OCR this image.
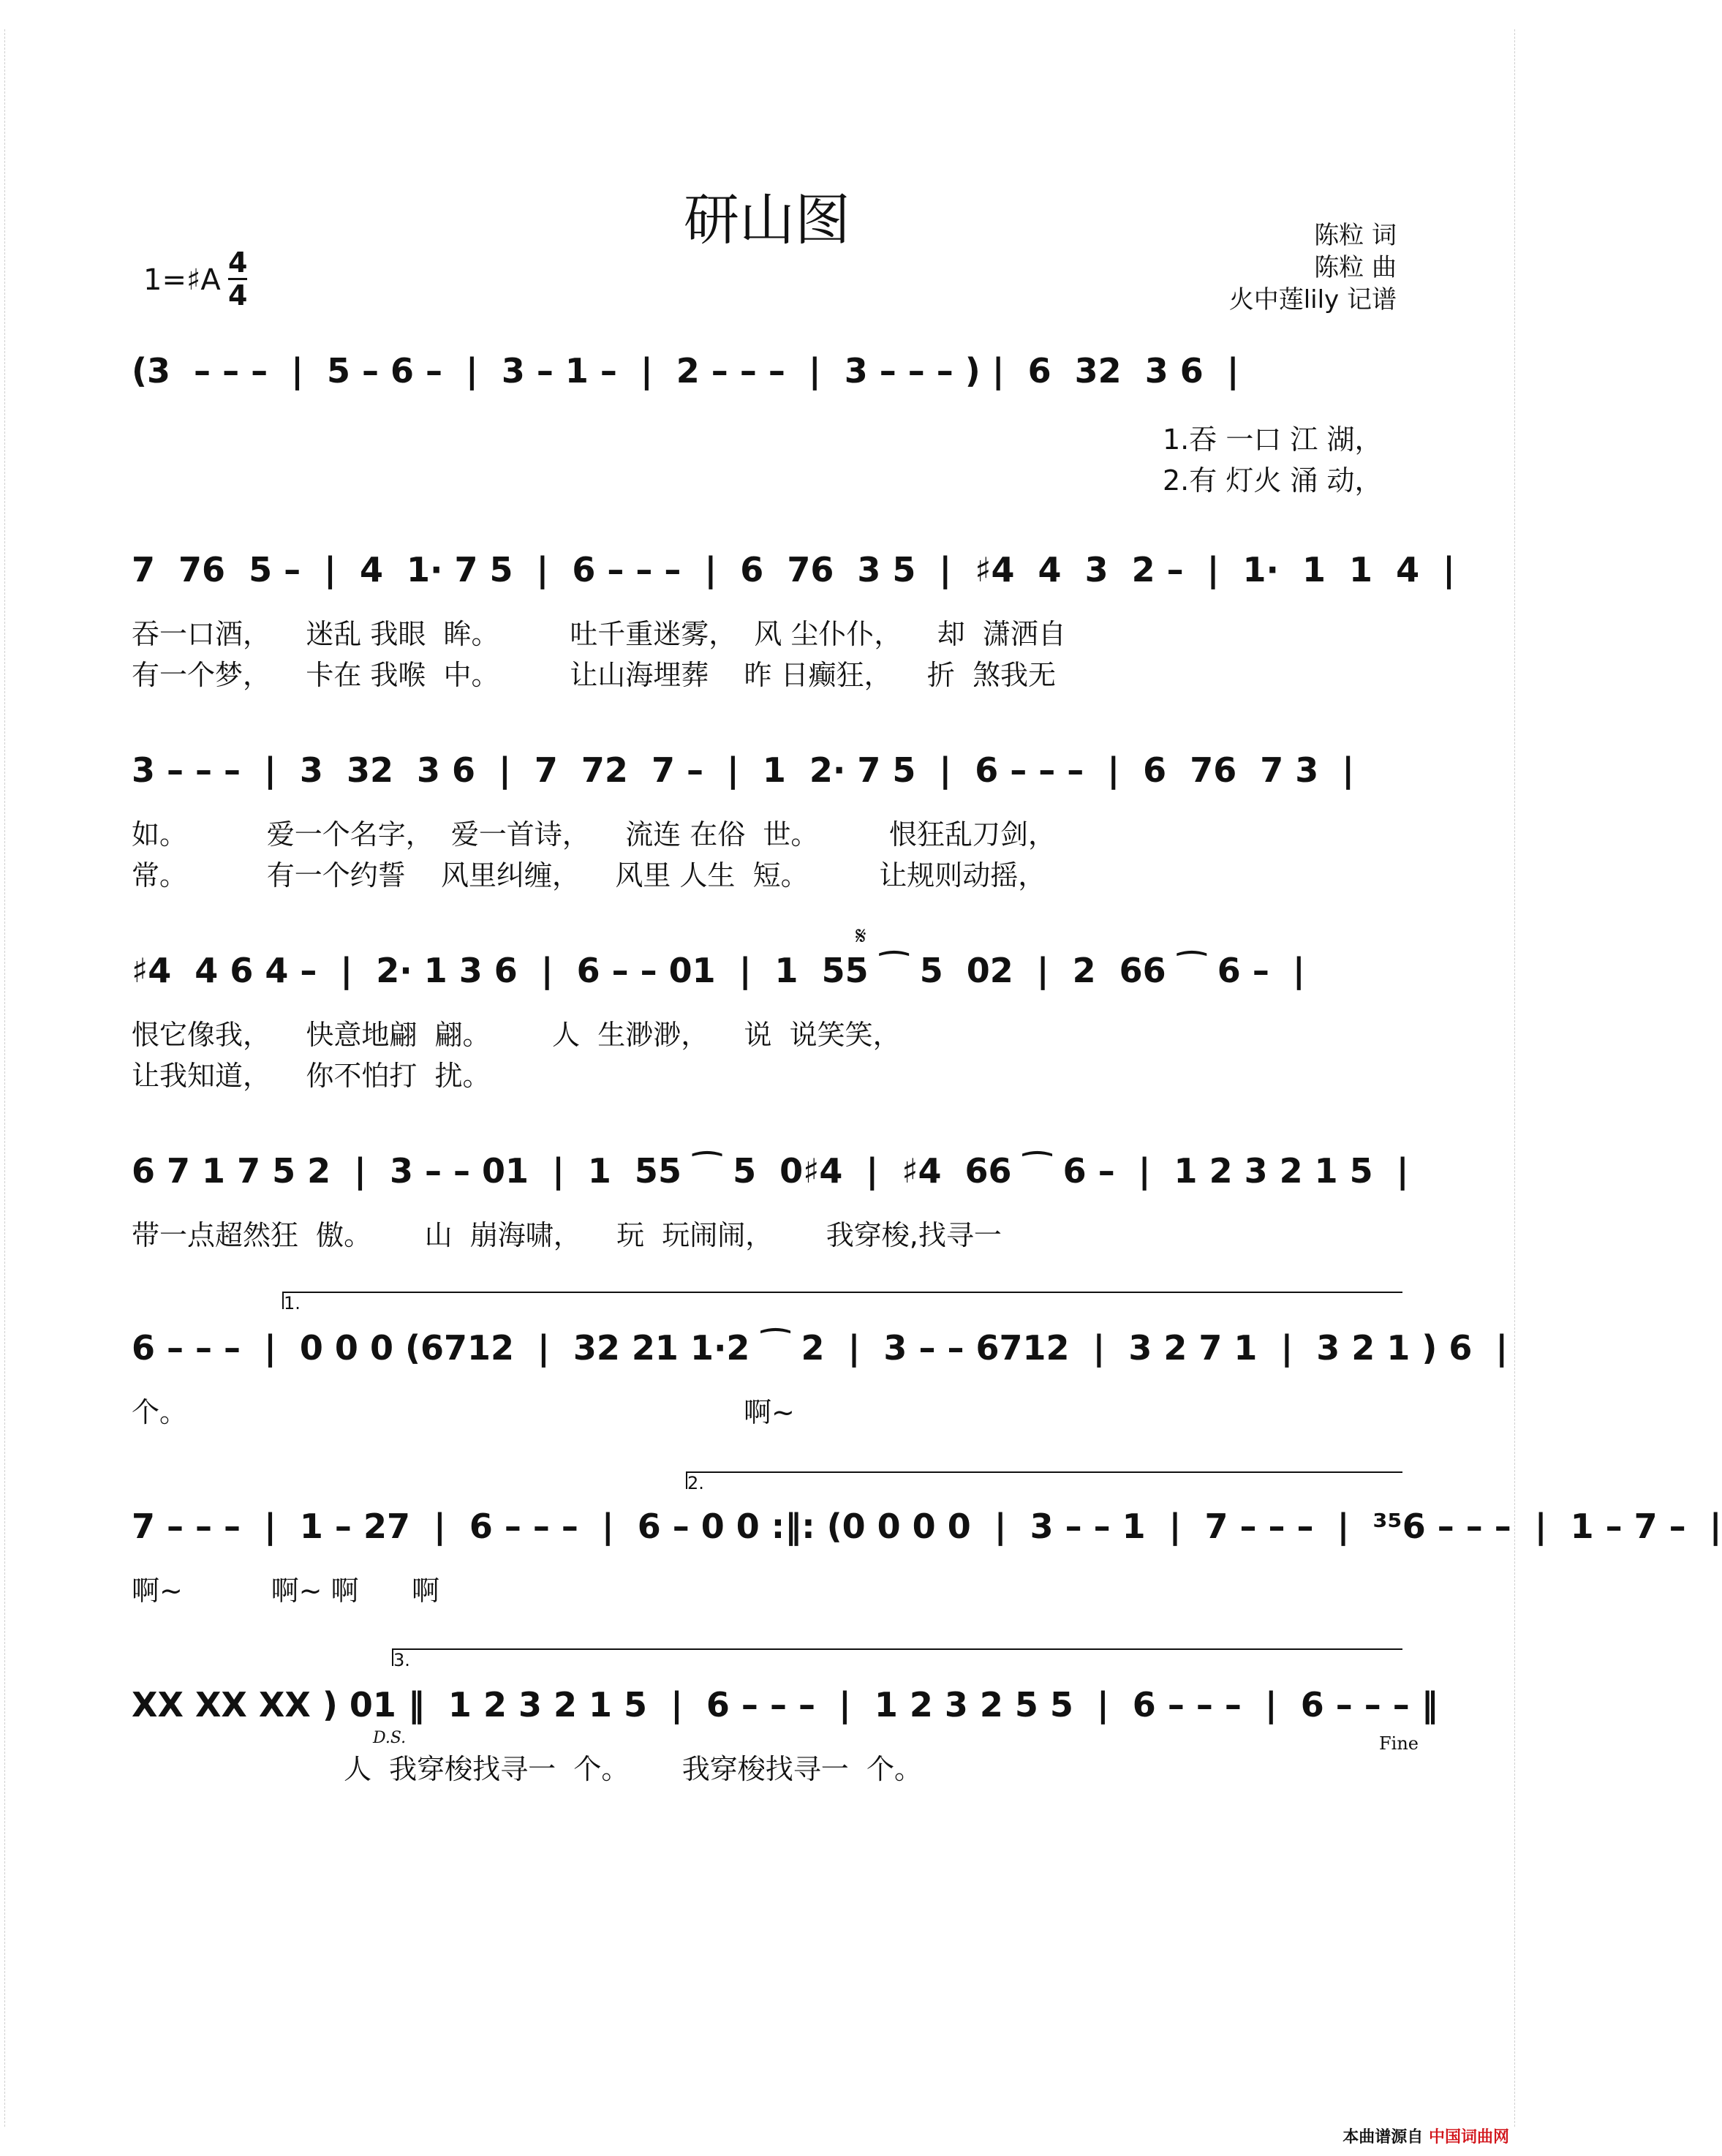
研山图	陈粒 词
陈粒 曲
火中莲lily 记谱
1=♯A $\frac{4}{4}$
(3  – – –  |  5 – 6 –  |  3 – 1 –  |  2 – – –  |  3 – – – ) |  6  32  3 6  |
1.吞 一口 江 湖，
2.有 灯火 涌 动，
7  76  5 –  |  4  1· 7 5  |  6 – – –  |  6  76  3 5  |  ♯4  4  3  2 –  |  1·  1  1  4  |
吞一口酒，    迷乱 我眼  眸。        吐千重迷雾，  风 尘仆仆，    却  潇洒自
有一个梦，    卡在 我喉  中。        让山海埋葬    昨 日癫狂，    折  煞我无
3 – – –  |  3  32  3 6  |  7  72  7 –  |  1  2· 7 5  |  6 – – –  |  6  76  7 3  |
如。         爱一个名字，  爱一首诗，    流连 在俗  世。        恨狂乱刀剑，
常。         有一个约誓    风里纠缠，    风里 人生  短。        让规则动摇，
𝄋
♯4  4 6 4 –  |  2· 1 3 6  |  6 – – 01  |  1  55 ⁀ 5  02  |  2  66 ⁀ 6 –  |
恨它像我，    快意地翩  翩。       人  生渺渺，    说  说笑笑，
让我知道，    你不怕打  扰。
6 7 1 7 5 2  |  3 – – 01  |  1  55 ⁀ 5  0♯4  |  ♯4  66 ⁀ 6 –  |  1 2 3 2 1 5  |
带一点超然狂  傲。      山  崩海啸，    玩  玩闹闹，      我穿梭,找寻一
1.
6 – – –  |  0 0 0 (6712  |  32 21 1·2 ⁀ 2  |  3 – – 6712  |  3 2 7 1  |  3 2 1 ) 6  |
个。                                                               啊~
2.
7 – – –  |  1 – 27  |  6 – – –  |  6 – 0 0 :‖: (0 0 0 0  |  3 – – 1  |  7 – – –  |  ³⁵6 – – –  |  1 – 7 –  |
啊~          啊~ 啊      啊
3.
XX XX XX ) 01 ‖  1 2 3 2 1 5  |  6 – – –  |  1 2 3 2 5 5  |  6 – – –  |  6 – – – ‖
D.S.	Fine
人  我穿梭找寻一  个。      我穿梭找寻一  个。
本曲谱源自 中国词曲网
